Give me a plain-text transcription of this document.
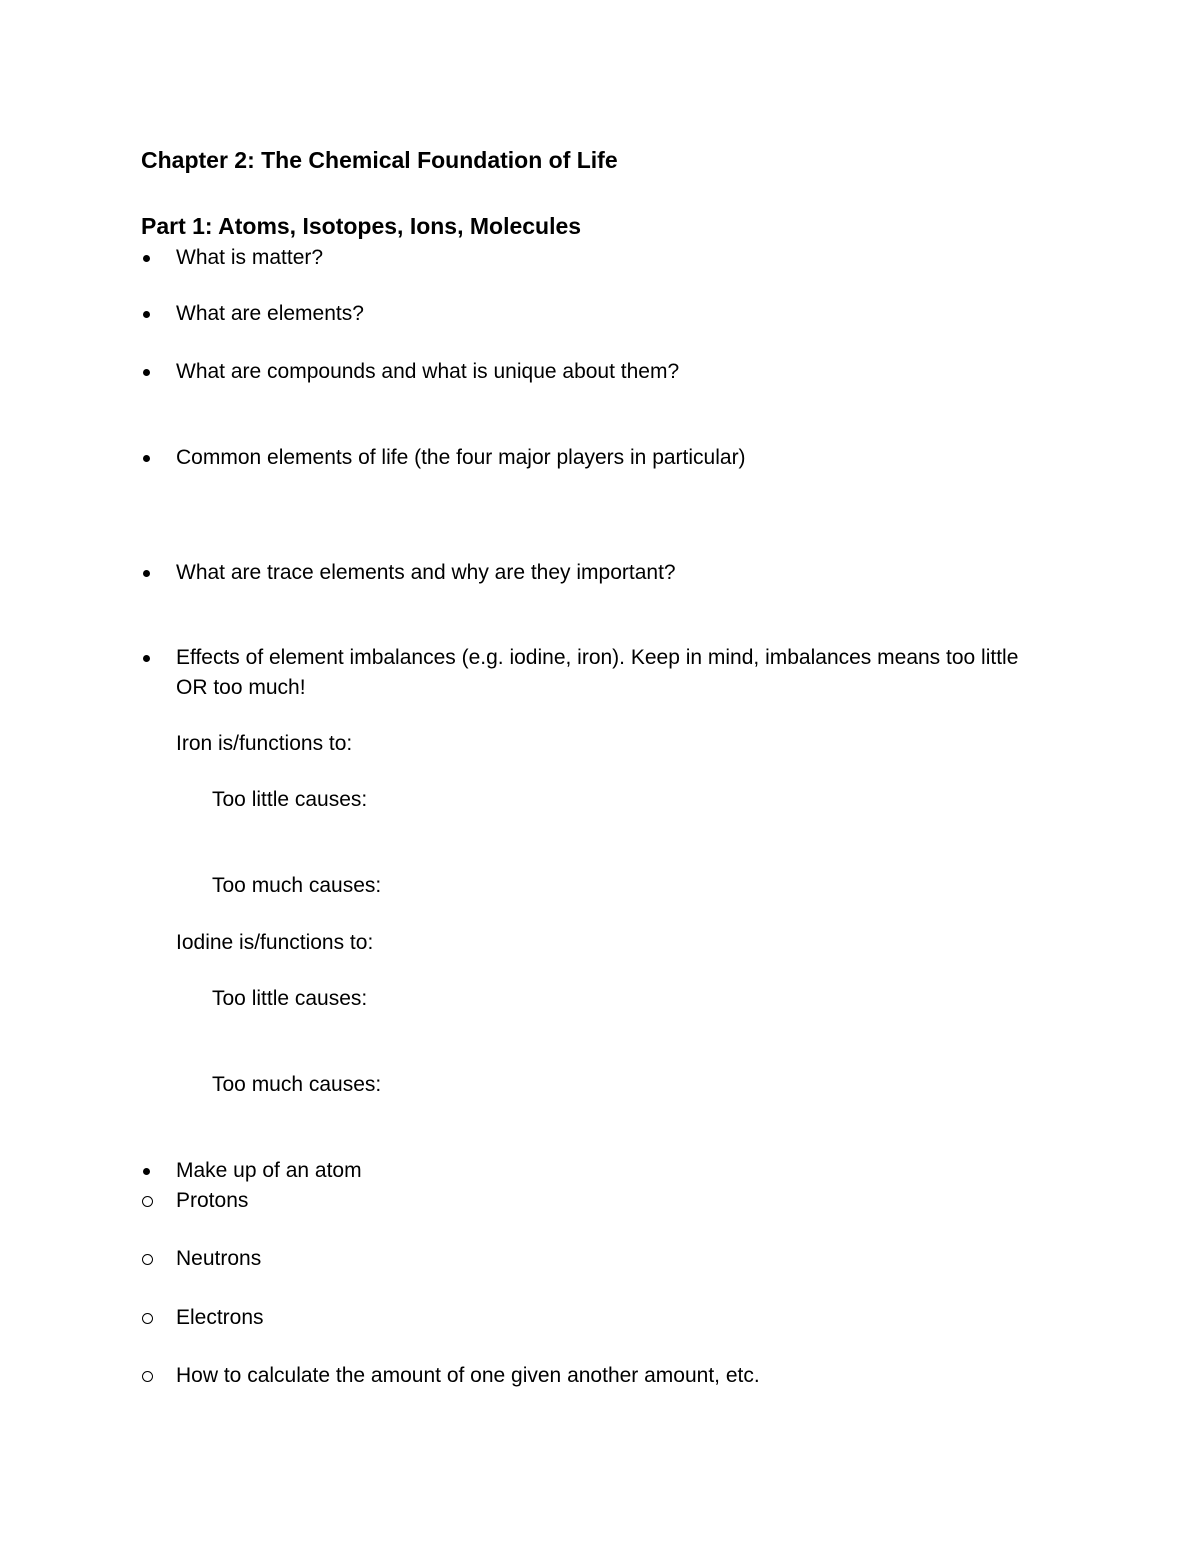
Chapter 2: The Chemical Foundation of Life
Part 1: Atoms, Isotopes, Ions, Molecules
What is matter?
What are elements?
What are compounds and what is unique about them?
Common elements of life (the four major players in particular)
What are trace elements and why are they important?
Effects of element imbalances (e.g. iodine, iron). Keep in mind, imbalances means too little
OR too much!
Iron is/functions to:
Too little causes:
Too much causes:
Iodine is/functions to:
Too little causes:
Too much causes:
Make up of an atom
Protons
Neutrons
Electrons
How to calculate the amount of one given another amount, etc.
